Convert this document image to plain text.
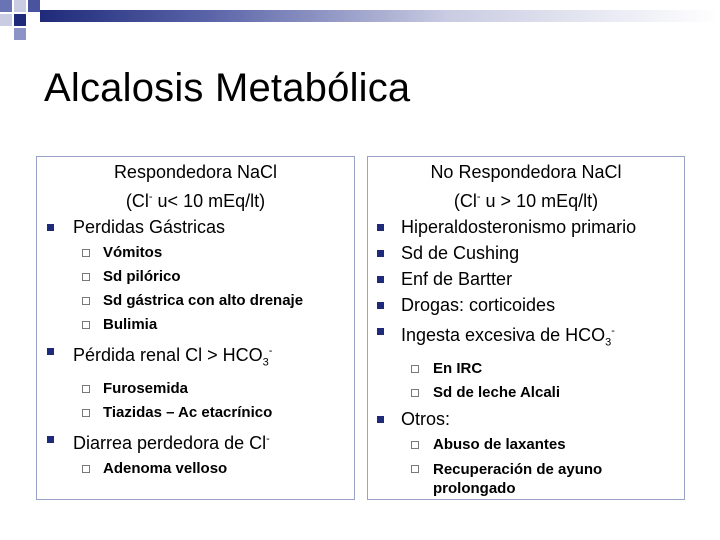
Alcalosis Metabólica
Respondedora NaCl
(Cl- u< 10 mEq/lt)
Perdidas Gástricas
Vómitos
Sd pilórico
Sd gástrica con alto drenaje
Bulimia
Pérdida renal $Cl > HCO_3^-$
Furosemida
Tiazidas – Ac etacrínico
Diarrea perdedora de Cl-
Adenoma velloso
No Respondedora NaCl
(Cl- u > 10 mEq/lt)
Hiperaldosteronismo primario
Sd de Cushing
Enf de Bartter
Drogas: corticoides
Ingesta excesiva de $HCO_3^-$
En IRC
Sd de leche Alcali
Otros:
Abuso de laxantes
Recuperación de ayuno prolongado
